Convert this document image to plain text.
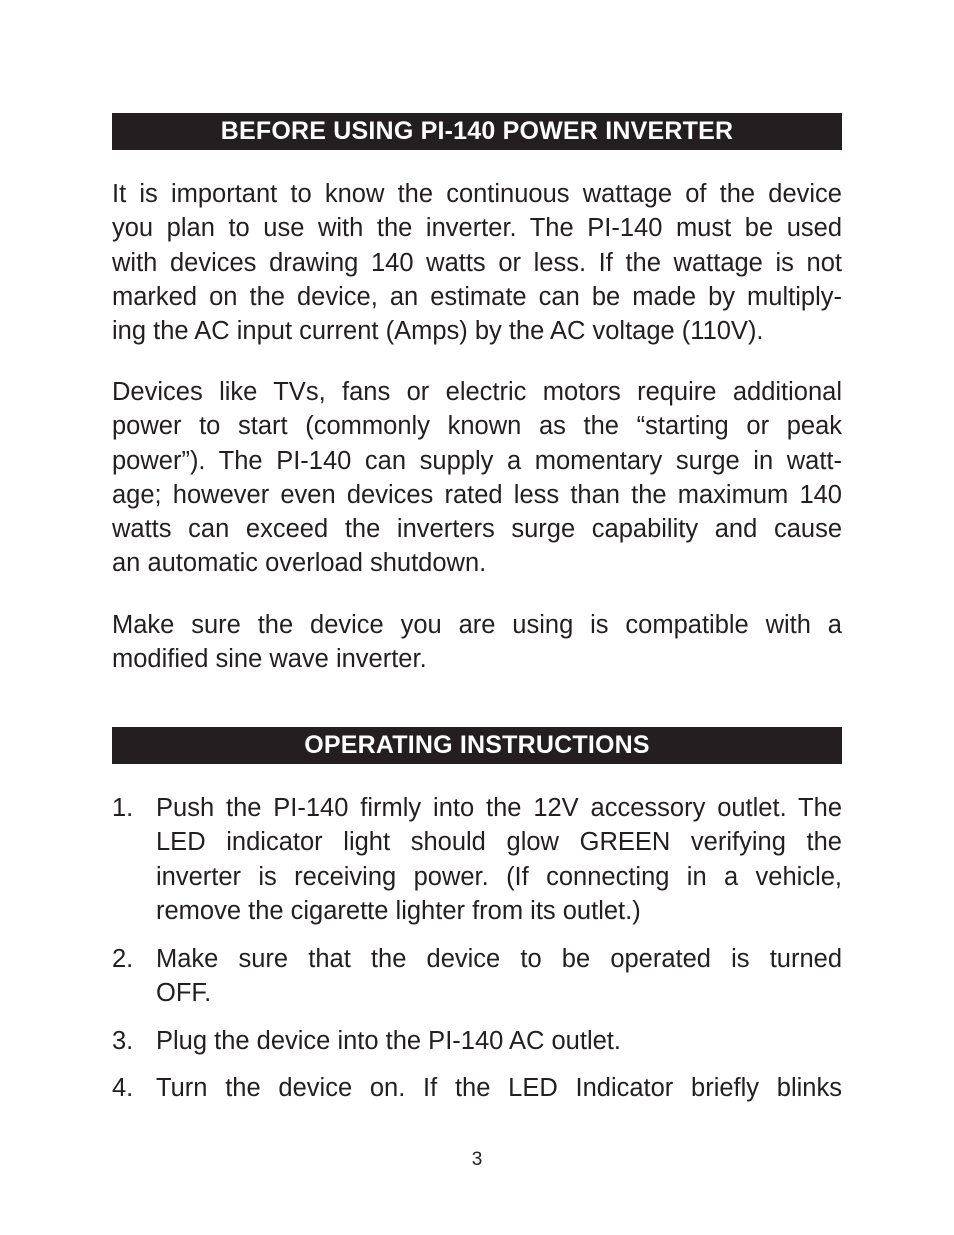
BEFORE USING PI-140 POWER INVERTER
It is important to know the continuous wattage of the device
you plan to use with the inverter. The PI-140 must be used
with devices drawing 140 watts or less. If the wattage is not
marked on the device, an estimate can be made by multiply-
ing the AC input current (Amps) by the AC voltage (110V).
Devices like TVs, fans or electric motors require additional
power to start (commonly known as the “starting or peak
power”). The PI-140 can supply a momentary surge in watt-
age; however even devices rated less than the maximum 140
watts can exceed the inverters surge capability and cause
an automatic overload shutdown.
Make sure the device you are using is compatible with a
modified sine wave inverter.
OPERATING INSTRUCTIONS
1. Push the PI-140 firmly into the 12V accessory outlet. The
LED indicator light should glow GREEN verifying the
inverter is receiving power. (If connecting in a vehicle,
remove the cigarette lighter from its outlet.)
2. Make sure that the device to be operated is turned
OFF.
3. Plug the device into the PI-140 AC outlet.
4. Turn the device on. If the LED Indicator briefly blinks
3
